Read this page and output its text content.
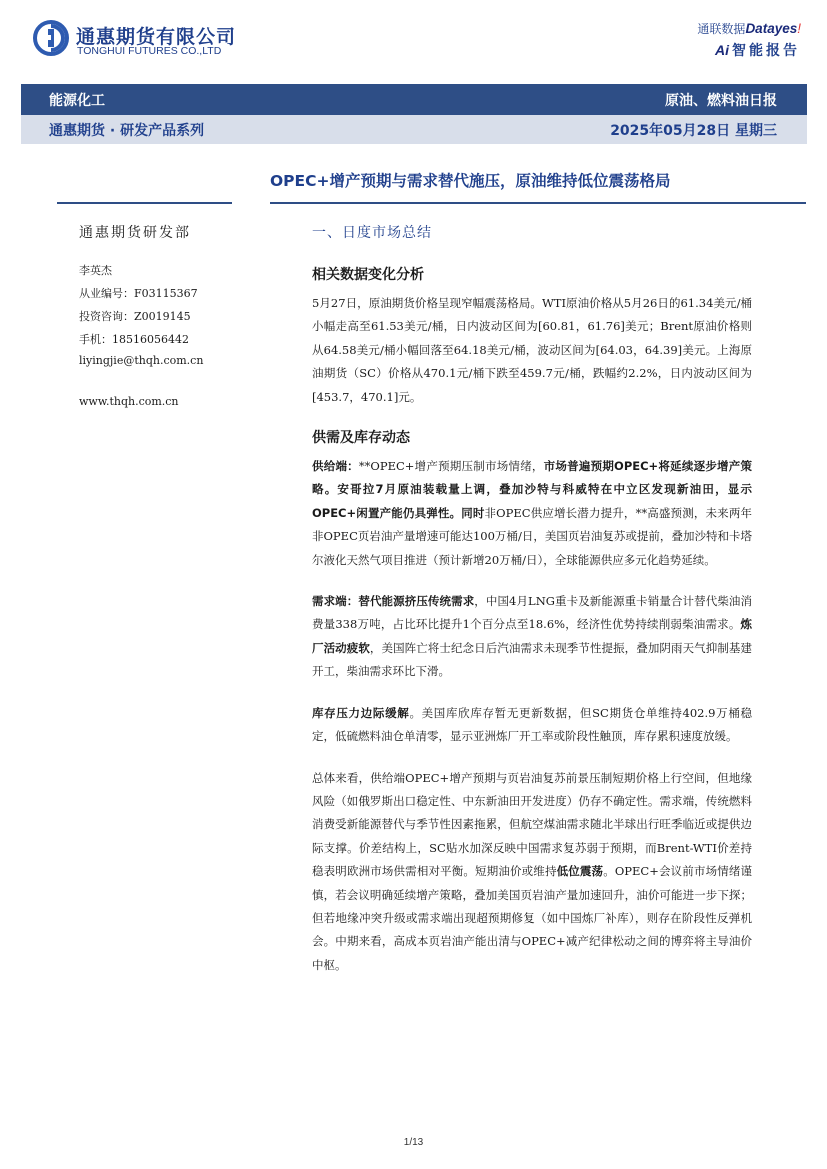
通惠期货有限公司
TONGHUI FUTURES CO.,LTD
通联数据Datayes!
Ai 智能报告
能源化工	原油、燃料油日报
通惠期货 · 研发产品系列	2025年05月28日 星期三
OPEC+增产预期与需求替代施压，原油维持低位震荡格局
通惠期货研发部
李英杰
从业编号：F03115367
投资咨询：Z0019145
手机：18516056442
liyingjie@thqh.com.cn
www.thqh.com.cn
一、日度市场总结
相关数据变化分析

5月27日，原油期货价格呈现窄幅震荡格局。WTI原油价格从5月26日的61.34美元/桶小幅走高至61.53美元/桶，日内波动区间为[60.81，61.76]美元；Brent原油价格则从64.58美元/桶小幅回落至64.18美元/桶，波动区间为[64.03，64.39]美元。上海原油期货（SC）价格从470.1元/桶下跌至459.7元/桶，跌幅约2.2%，日内波动区间为[453.7，470.1]元。

供需及库存动态

供给端：**OPEC+增产预期压制市场情绪，市场普遍预期OPEC+将延续逐步增产策略。安哥拉7月原油装载量上调，叠加沙特与科威特在中立区发现新油田，显示OPEC+闲置产能仍具弹性。同时非OPEC供应增长潜力提升，**高盛预测，未来两年非OPEC页岩油产量增速可能达100万桶/日，美国页岩油复苏或提前，叠加沙特和卡塔尔液化天然气项目推进（预计新增20万桶/日），全球能源供应多元化趋势延续。

需求端：替代能源挤压传统需求，中国4月LNG重卡及新能源重卡销量合计替代柴油消费量338万吨，占比环比提升1个百分点至18.6%，经济性优势持续削弱柴油需求。炼厂活动疲软，美国阵亡将士纪念日后汽油需求未现季节性提振，叠加阴雨天气抑制基建开工，柴油需求环比下滑。

库存压力边际缓解。美国库欣库存暂无更新数据，但SC期货仓单维持402.9万桶稳定，低硫燃料油仓单清零，显示亚洲炼厂开工率或阶段性触顶，库存累积速度放缓。

总体来看，供给端OPEC+增产预期与页岩油复苏前景压制短期价格上行空间，但地缘风险（如俄罗斯出口稳定性、中东新油田开发进度）仍存不确定性。需求端，传统燃料消费受新能源替代与季节性因素拖累，但航空煤油需求随北半球出行旺季临近或提供边际支撑。价差结构上，SC贴水加深反映中国需求复苏弱于预期，而Brent-WTI价差持稳表明欧洲市场供需相对平衡。短期油价或维持低位震荡。OPEC+会议前市场情绪谨慎，若会议明确延续增产策略，叠加美国页岩油产量加速回升，油价可能进一步下探；但若地缘冲突升级或需求端出现超预期修复（如中国炼厂补库），则存在阶段性反弹机会。中期来看，高成本页岩油产能出清与OPEC+减产纪律松动之间的博弈将主导油价中枢。

1/13
